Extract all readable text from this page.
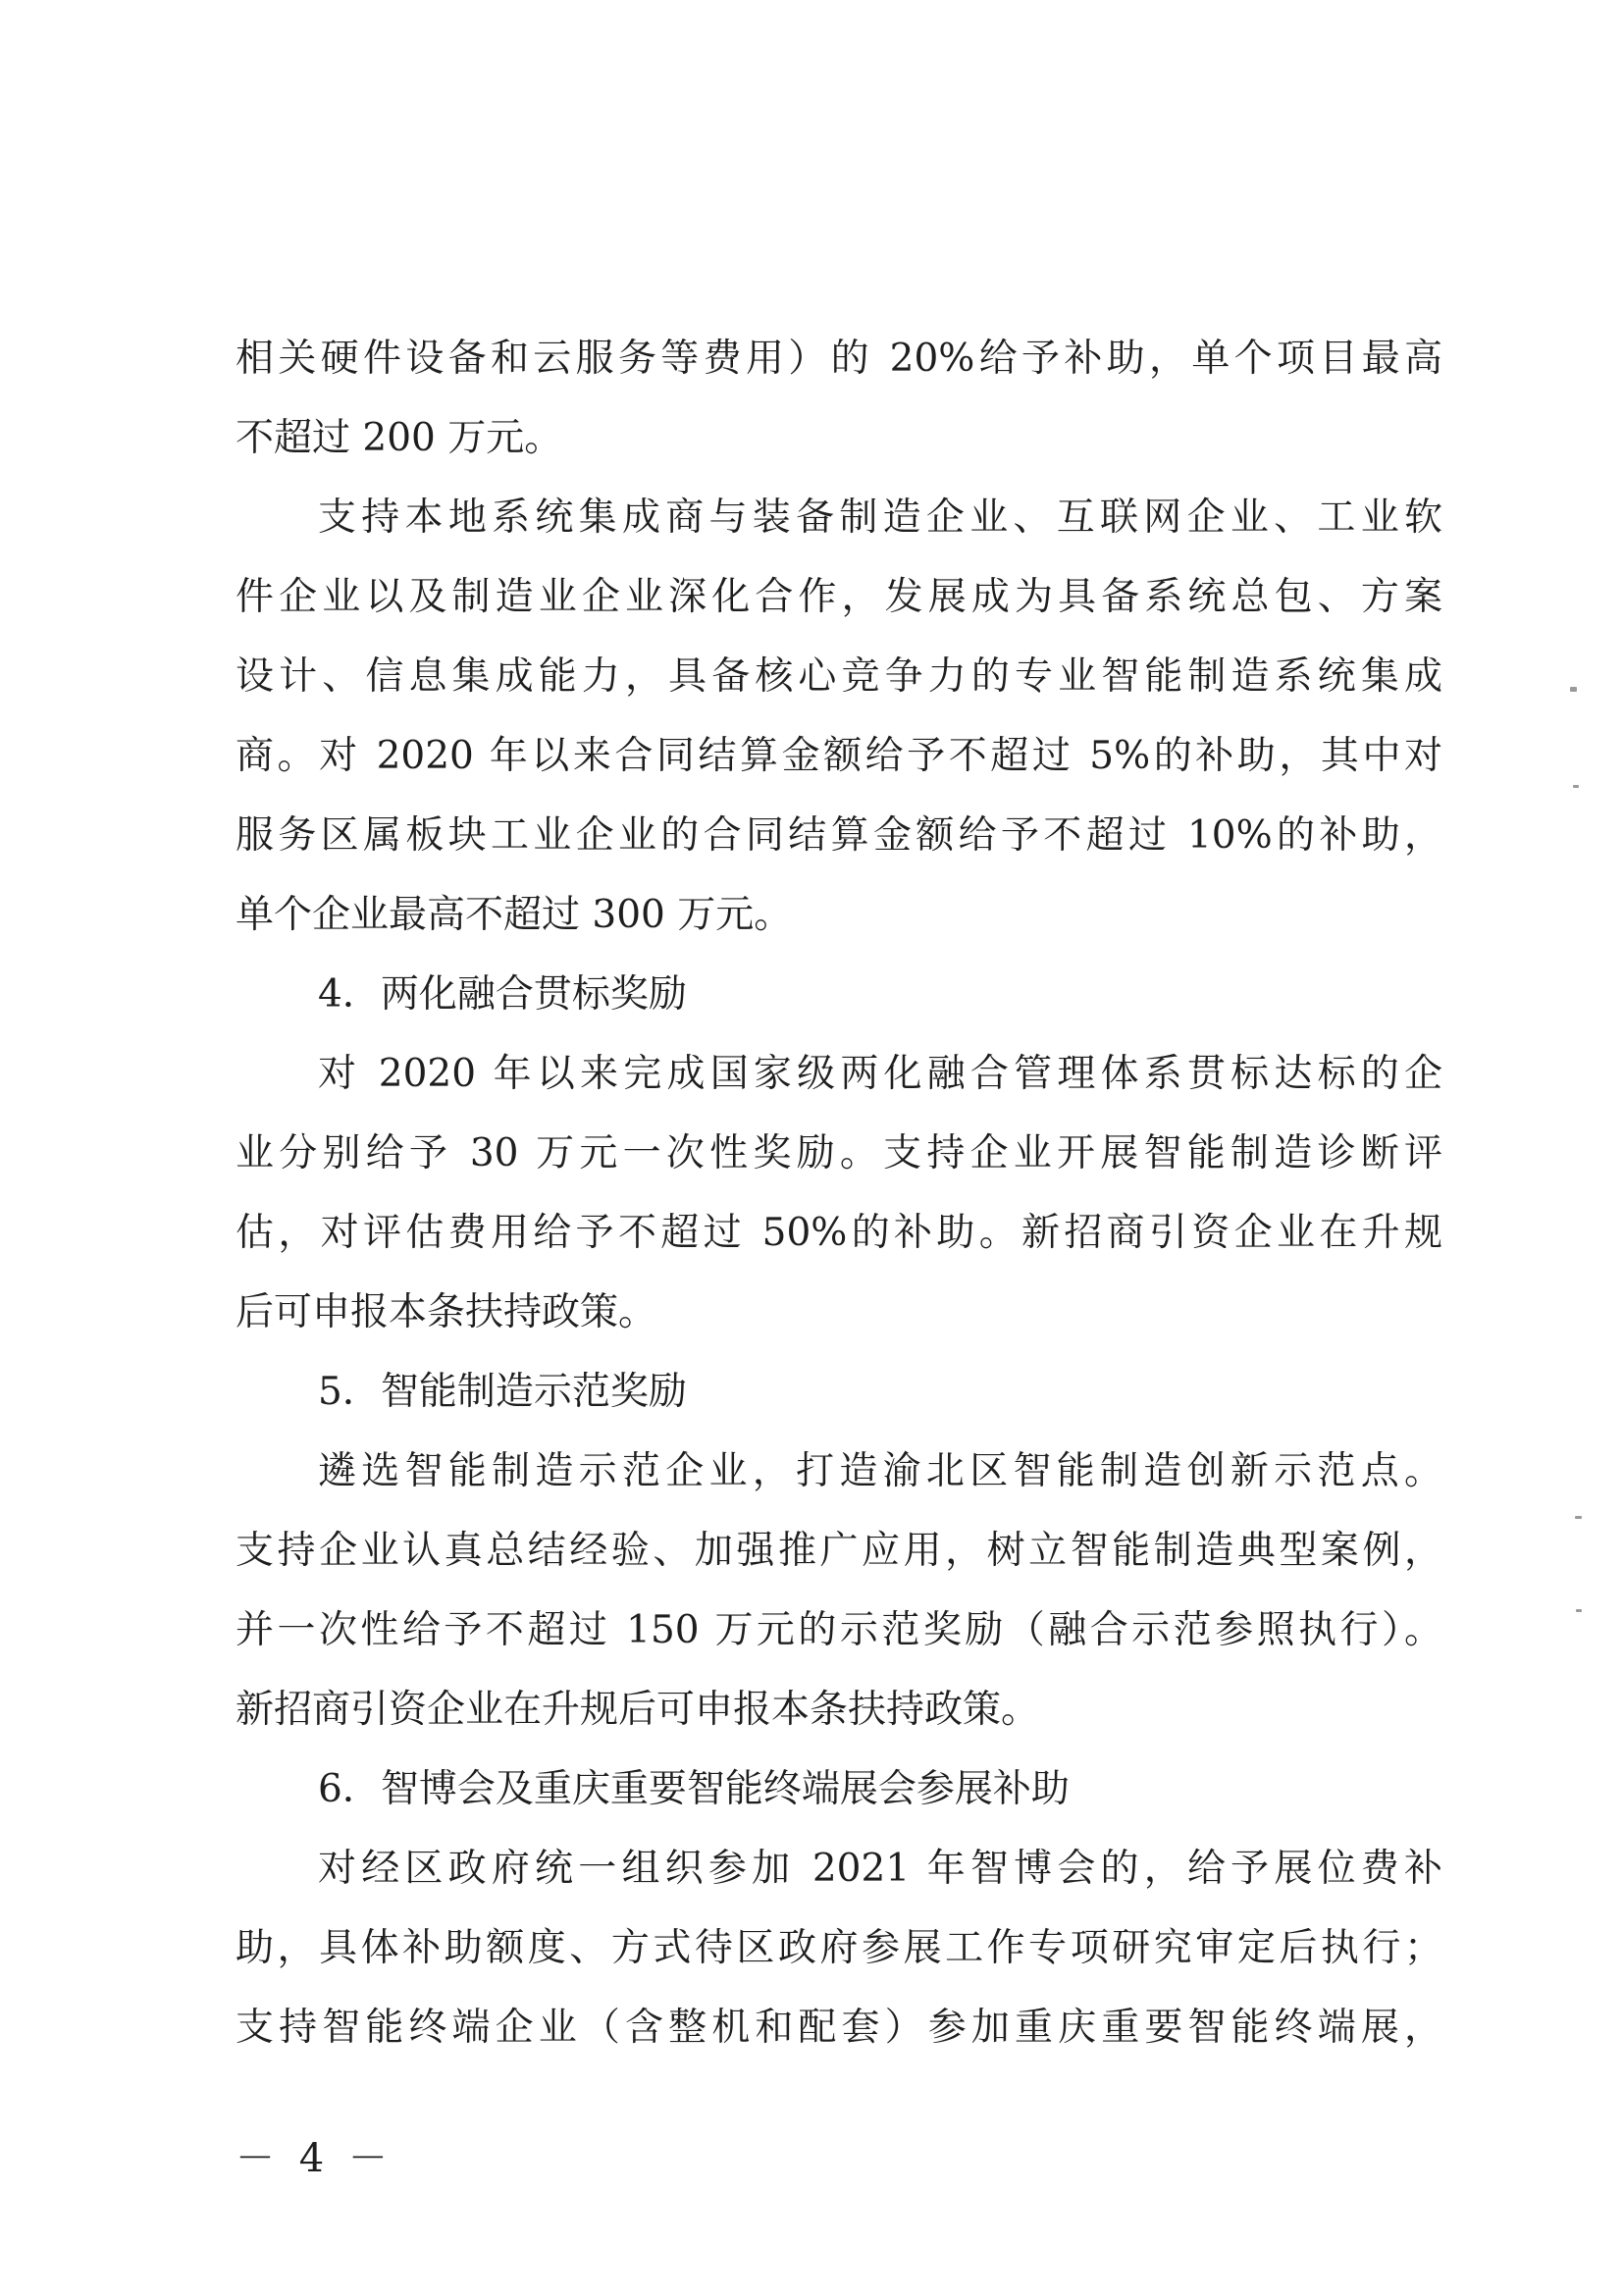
相关硬件设备和云服务等费用）的 20%给予补助，单个项目最高
不超过 200 万元。
支持本地系统集成商与装备制造企业、互联网企业、工业软
件企业以及制造业企业深化合作，发展成为具备系统总包、方案
设计、信息集成能力，具备核心竞争力的专业智能制造系统集成
商。对 2020 年以来合同结算金额给予不超过 5%的补助，其中对
服务区属板块工业企业的合同结算金额给予不超过 10%的补助，
单个企业最高不超过 300 万元。
4．两化融合贯标奖励
对 2020 年以来完成国家级两化融合管理体系贯标达标的企
业分别给予 30 万元一次性奖励。支持企业开展智能制造诊断评
估，对评估费用给予不超过 50%的补助。新招商引资企业在升规
后可申报本条扶持政策。
5．智能制造示范奖励
遴选智能制造示范企业，打造渝北区智能制造创新示范点。
支持企业认真总结经验、加强推广应用，树立智能制造典型案例，
并一次性给予不超过 150 万元的示范奖励（融合示范参照执行）。
新招商引资企业在升规后可申报本条扶持政策。
6．智博会及重庆重要智能终端展会参展补助
对经区政府统一组织参加 2021 年智博会的，给予展位费补
助，具体补助额度、方式待区政府参展工作专项研究审定后执行；
支持智能终端企业（含整机和配套）参加重庆重要智能终端展，
－ 4 －
